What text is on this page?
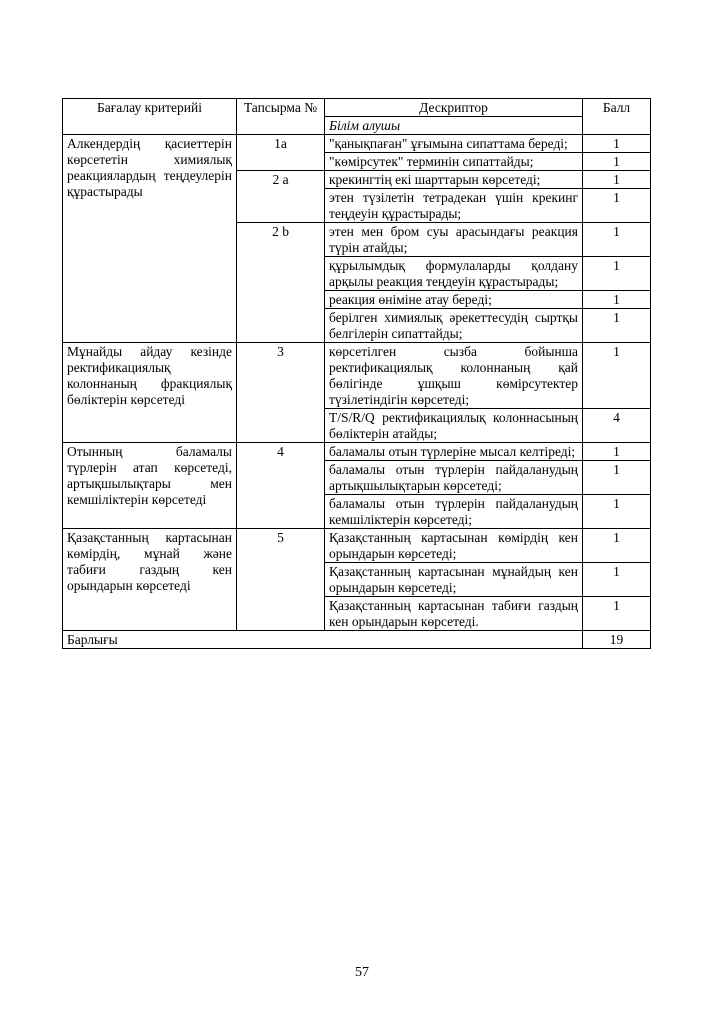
Бағалау критерийі	Тапсырма №	Дескриптор	Балл
		Білім алушы	
Алкендердің қасиеттерін көрсететін химиялық реакциялардың теңдеулерін құрастырады	1a	"қанықпаған" ұғымына сипаттама береді;	1
		"көмірсутек" терминін сипаттайды;	1
	2 a	крекингтің екі шарттарын көрсетеді;	1
		этен түзілетін тетрадекан үшін крекинг теңдеуін құрастырады;	1
	2 b	этен мен бром суы арасындағы реакция түрін атайды;	1
		құрылымдық формулаларды қолдану арқылы реакция теңдеуін құрастырады;	1
		реакция өніміне атау береді;	1
		берілген химиялық әрекеттесудің сыртқы белгілерін сипаттайды;	1
Мұнайды айдау кезінде ректификациялық колоннаның фракциялық бөліктерін көрсетеді	3	көрсетілген сызба бойынша ректификациялық колоннаның қай бөлігінде ұшқыш көмірсутектер түзілетіндігін көрсетеді;	1
		T/S/R/Q ректификациялық колоннасының бөліктерін атайды;	4
Отынның баламалы түрлерін атап көрсетеді, артықшылықтары мен кемшіліктерін көрсетеді	4	баламалы отын түрлеріне мысал келтіреді;	1
		баламалы отын түрлерін пайдаланудың артықшылықтарын көрсетеді;	1
		баламалы отын түрлерін пайдаланудың кемшіліктерін көрсетеді;	1
Қазақстанның картасынан көмірдің, мұнай және табиғи газдың кен орындарын көрсетеді	5	Қазақстанның картасынан көмірдің кен орындарын көрсетеді;	1
		Қазақстанның картасынан мұнайдың кен орындарын көрсетеді;	1
		Қазақстанның картасынан табиғи газдың кен орындарын көрсетеді.	1
Барлығы			19
57
